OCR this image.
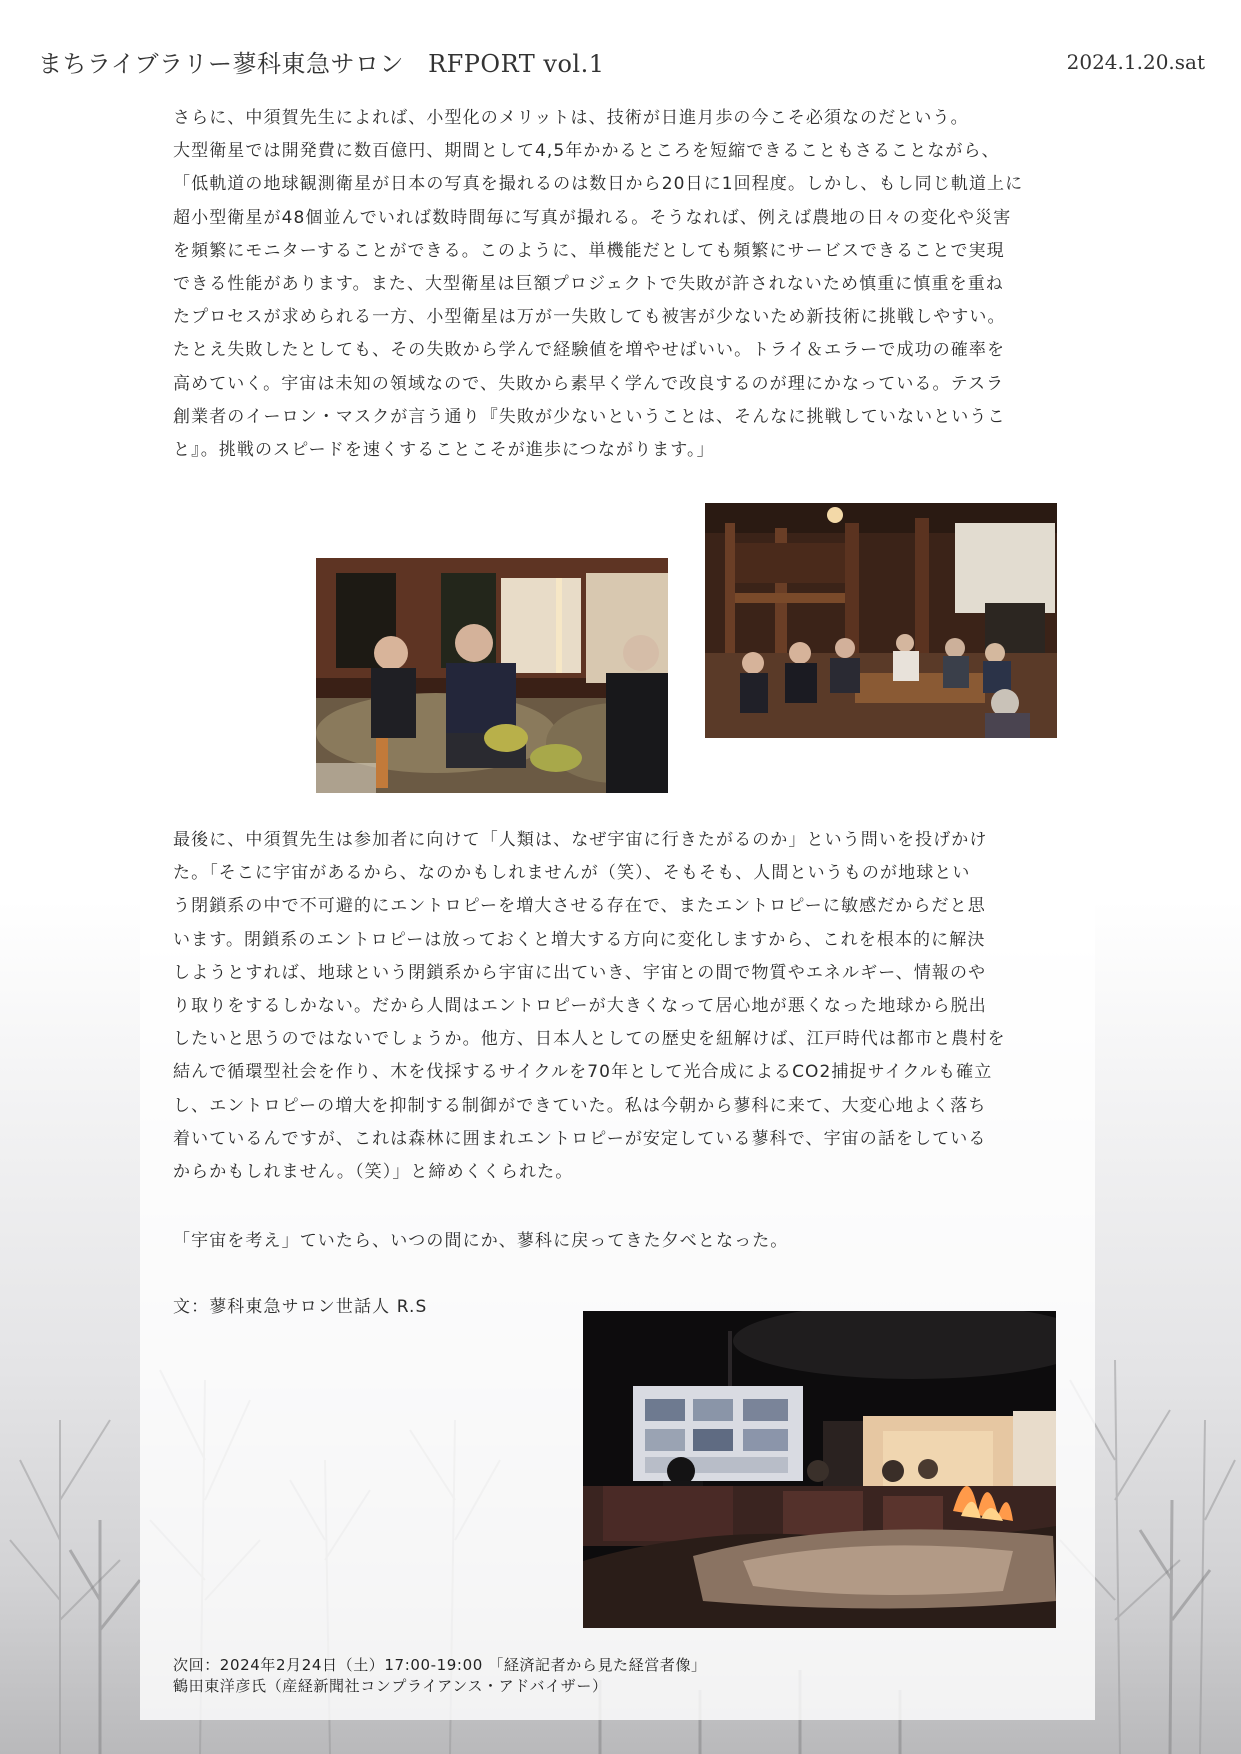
まちライブラリー蓼科東急サロン RFPORT vol.1	2024.1.20.sat

さらに、中須賀先生によれば、小型化のメリットは、技術が日進月歩の今こそ必須なのだという。
大型衛星では開発費に数百億円、期間として4,5年かかるところを短縮できることもさることながら、
「低軌道の地球観測衛星が日本の写真を撮れるのは数日から20日に1回程度。しかし、もし同じ軌道上に
超小型衛星が48個並んでいれば数時間毎に写真が撮れる。そうなれば、例えば農地の日々の変化や災害
を頻繁にモニターすることができる。このように、単機能だとしても頻繁にサービスできることで実現
できる性能があります。また、大型衛星は巨額プロジェクトで失敗が許されないため慎重に慎重を重ね
たプロセスが求められる一方、小型衛星は万が一失敗しても被害が少ないため新技術に挑戦しやすい。
たとえ失敗したとしても、その失敗から学んで経験値を増やせばいい。トライ＆エラーで成功の確率を
高めていく。宇宙は未知の領域なので、失敗から素早く学んで改良するのが理にかなっている。テスラ
創業者のイーロン・マスクが言う通り『失敗が少ないということは、そんなに挑戦していないというこ
と』。挑戦のスピードを速くすることこそが進歩につながります。」

最後に、中須賀先生は参加者に向けて「人類は、なぜ宇宙に行きたがるのか」という問いを投げかけ
た。「そこに宇宙があるから、なのかもしれませんが（笑）、そもそも、人間というものが地球とい
う閉鎖系の中で不可避的にエントロピーを増大させる存在で、またエントロピーに敏感だからだと思
います。閉鎖系のエントロピーは放っておくと増大する方向に変化しますから、これを根本的に解決
しようとすれば、地球という閉鎖系から宇宙に出ていき、宇宙との間で物質やエネルギー、情報のや
り取りをするしかない。だから人間はエントロピーが大きくなって居心地が悪くなった地球から脱出
したいと思うのではないでしょうか。他方、日本人としての歴史を紐解けば、江戸時代は都市と農村を
結んで循環型社会を作り、木を伐採するサイクルを70年として光合成によるCO2捕捉サイクルも確立
し、エントロピーの増大を抑制する制御ができていた。私は今朝から蓼科に来て、大変心地よく落ち
着いているんですが、これは森林に囲まれエントロピーが安定している蓼科で、宇宙の話をしている
からかもしれません。（笑）」と締めくくられた。

「宇宙を考え」ていたら、いつの間にか、蓼科に戻ってきた夕べとなった。

文：蓼科東急サロン世話人 R.S

次回：2024年2月24日（土）17:00-19:00 「経済記者から見た経営者像」
鶴田東洋彦氏（産経新聞社コンプライアンス・アドバイザー）
